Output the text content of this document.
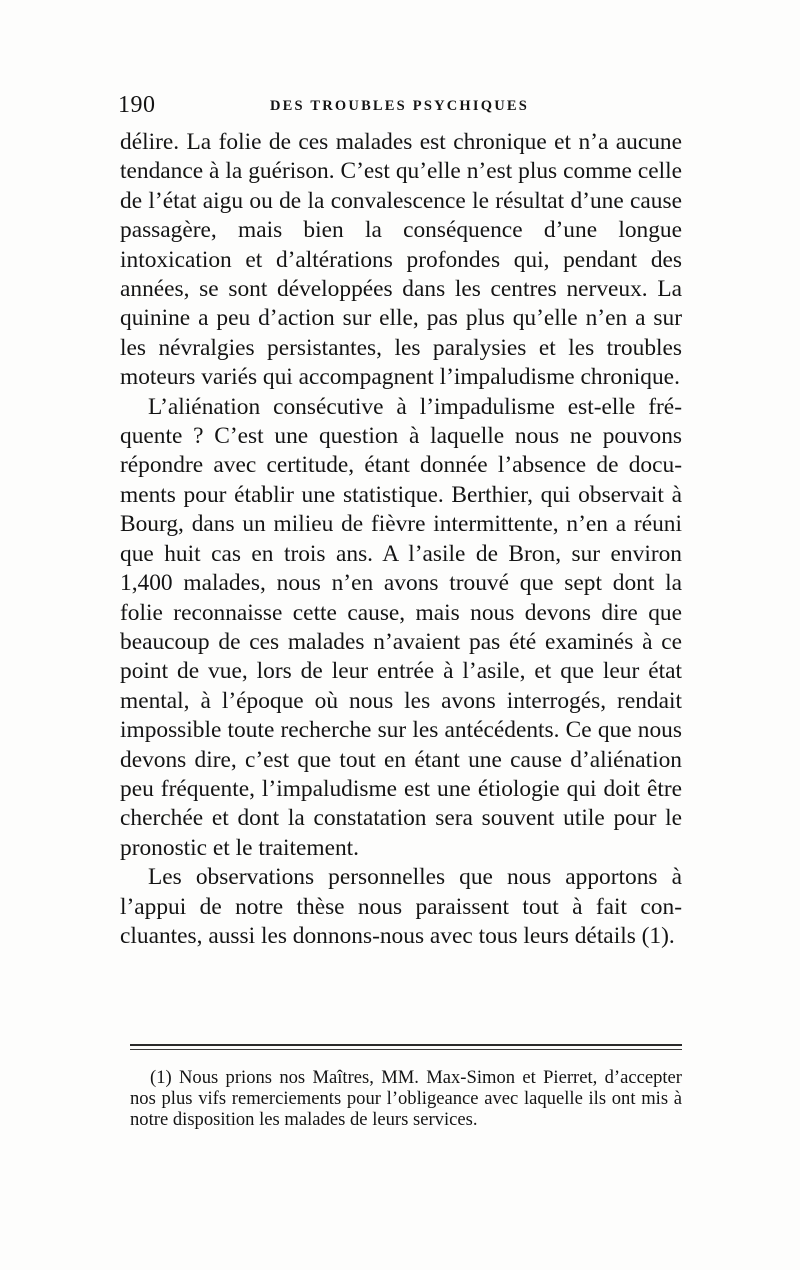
190	DES TROUBLES PSYCHIQUES

délire. La folie de ces malades est chronique et n’a aucune tendance à la guérison. C’est qu’elle n’est plus comme celle de l’état aigu ou de la convalescence le résultat d’une cause passagère, mais bien la conséquence d’une longue intoxication et d’altérations profondes qui, pendant des années, se sont développées dans les centres nerveux. La quinine a peu d’action sur elle, pas plus qu’elle n’en a sur les névralgies persistantes, les paralysies et les troubles moteurs variés qui accompagnent l’impaludisme chronique.

L’aliénation consécutive à l’impadulisme est-elle fréquente ? C’est une question à laquelle nous ne pouvons répondre avec certitude, étant donnée l’absence de documents pour établir une statistique. Berthier, qui observait à Bourg, dans un milieu de fièvre intermittente, n’en a réuni que huit cas en trois ans. A l’asile de Bron, sur environ 1,400 malades, nous n’en avons trouvé que sept dont la folie reconnaisse cette cause, mais nous devons dire que beaucoup de ces malades n’avaient pas été examinés à ce point de vue, lors de leur entrée à l’asile, et que leur état mental, à l’époque où nous les avons interrogés, rendait impossible toute recherche sur les antécédents. Ce que nous devons dire, c’est que tout en étant une cause d’aliénation peu fréquente, l’impaludisme est une étiologie qui doit être cherchée et dont la constatation sera souvent utile pour le pronostic et le traitement.

Les observations personnelles que nous apportons à l’appui de notre thèse nous paraissent tout à fait concluantes, aussi les donnons-nous avec tous leurs détails (1).

(1) Nous prions nos Maîtres, MM. Max-Simon et Pierret, d’accepter nos plus vifs remerciements pour l’obligeance avec laquelle ils ont mis à notre disposition les malades de leurs services.
